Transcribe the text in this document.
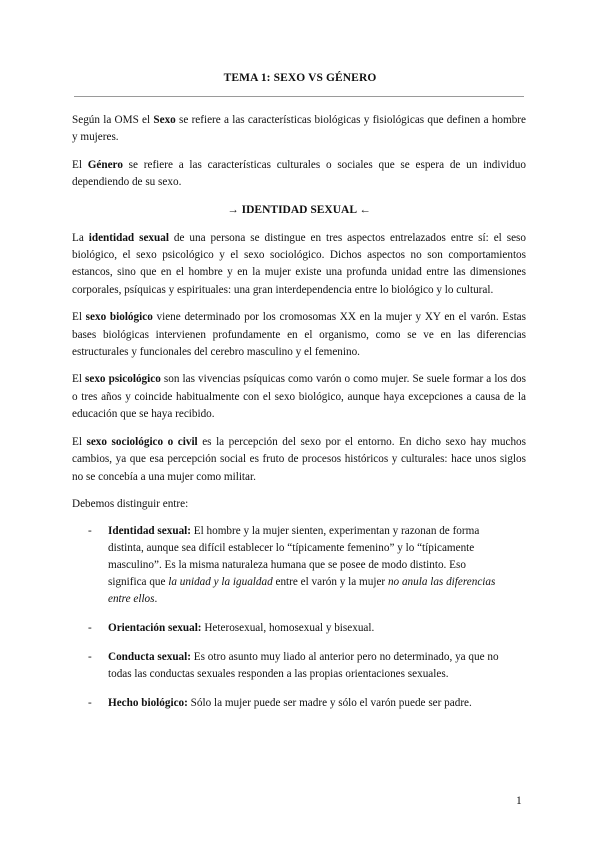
TEMA 1: SEXO VS GÉNERO

Según la OMS el Sexo se refiere a las características biológicas y fisiológicas que definen a hombre y mujeres.

El Género se refiere a las características culturales o sociales que se espera de un individuo dependiendo de su sexo.

→ IDENTIDAD SEXUAL ←

La identidad sexual de una persona se distingue en tres aspectos entrelazados entre sí: el seso biológico, el sexo psicológico y el sexo sociológico. Dichos aspectos no son comportamientos estancos, sino que en el hombre y en la mujer existe una profunda unidad entre las dimensiones corporales, psíquicas y espirituales: una gran interdependencia entre lo biológico y lo cultural.

El sexo biológico viene determinado por los cromosomas XX en la mujer y XY en el varón. Estas bases biológicas intervienen profundamente en el organismo, como se ve en las diferencias estructurales y funcionales del cerebro masculino y el femenino.

El sexo psicológico son las vivencias psíquicas como varón o como mujer. Se suele formar a los dos o tres años y coincide habitualmente con el sexo biológico, aunque haya excepciones a causa de la educación que se haya recibido.

El sexo sociológico o civil es la percepción del sexo por el entorno. En dicho sexo hay muchos cambios, ya que esa percepción social es fruto de procesos históricos y culturales: hace unos siglos no se concebía a una mujer como militar.

Debemos distinguir entre:

- Identidad sexual: El hombre y la mujer sienten, experimentan y razonan de forma distinta, aunque sea difícil establecer lo “típicamente femenino” y lo “típicamente masculino”. Es la misma naturaleza humana que se posee de modo distinto. Eso significa que la unidad y la igualdad entre el varón y la mujer no anula las diferencias entre ellos.
- Orientación sexual: Heterosexual, homosexual y bisexual.
- Conducta sexual: Es otro asunto muy liado al anterior pero no determinado, ya que no todas las conductas sexuales responden a las propias orientaciones sexuales.
- Hecho biológico: Sólo la mujer puede ser madre y sólo el varón puede ser padre.
1
